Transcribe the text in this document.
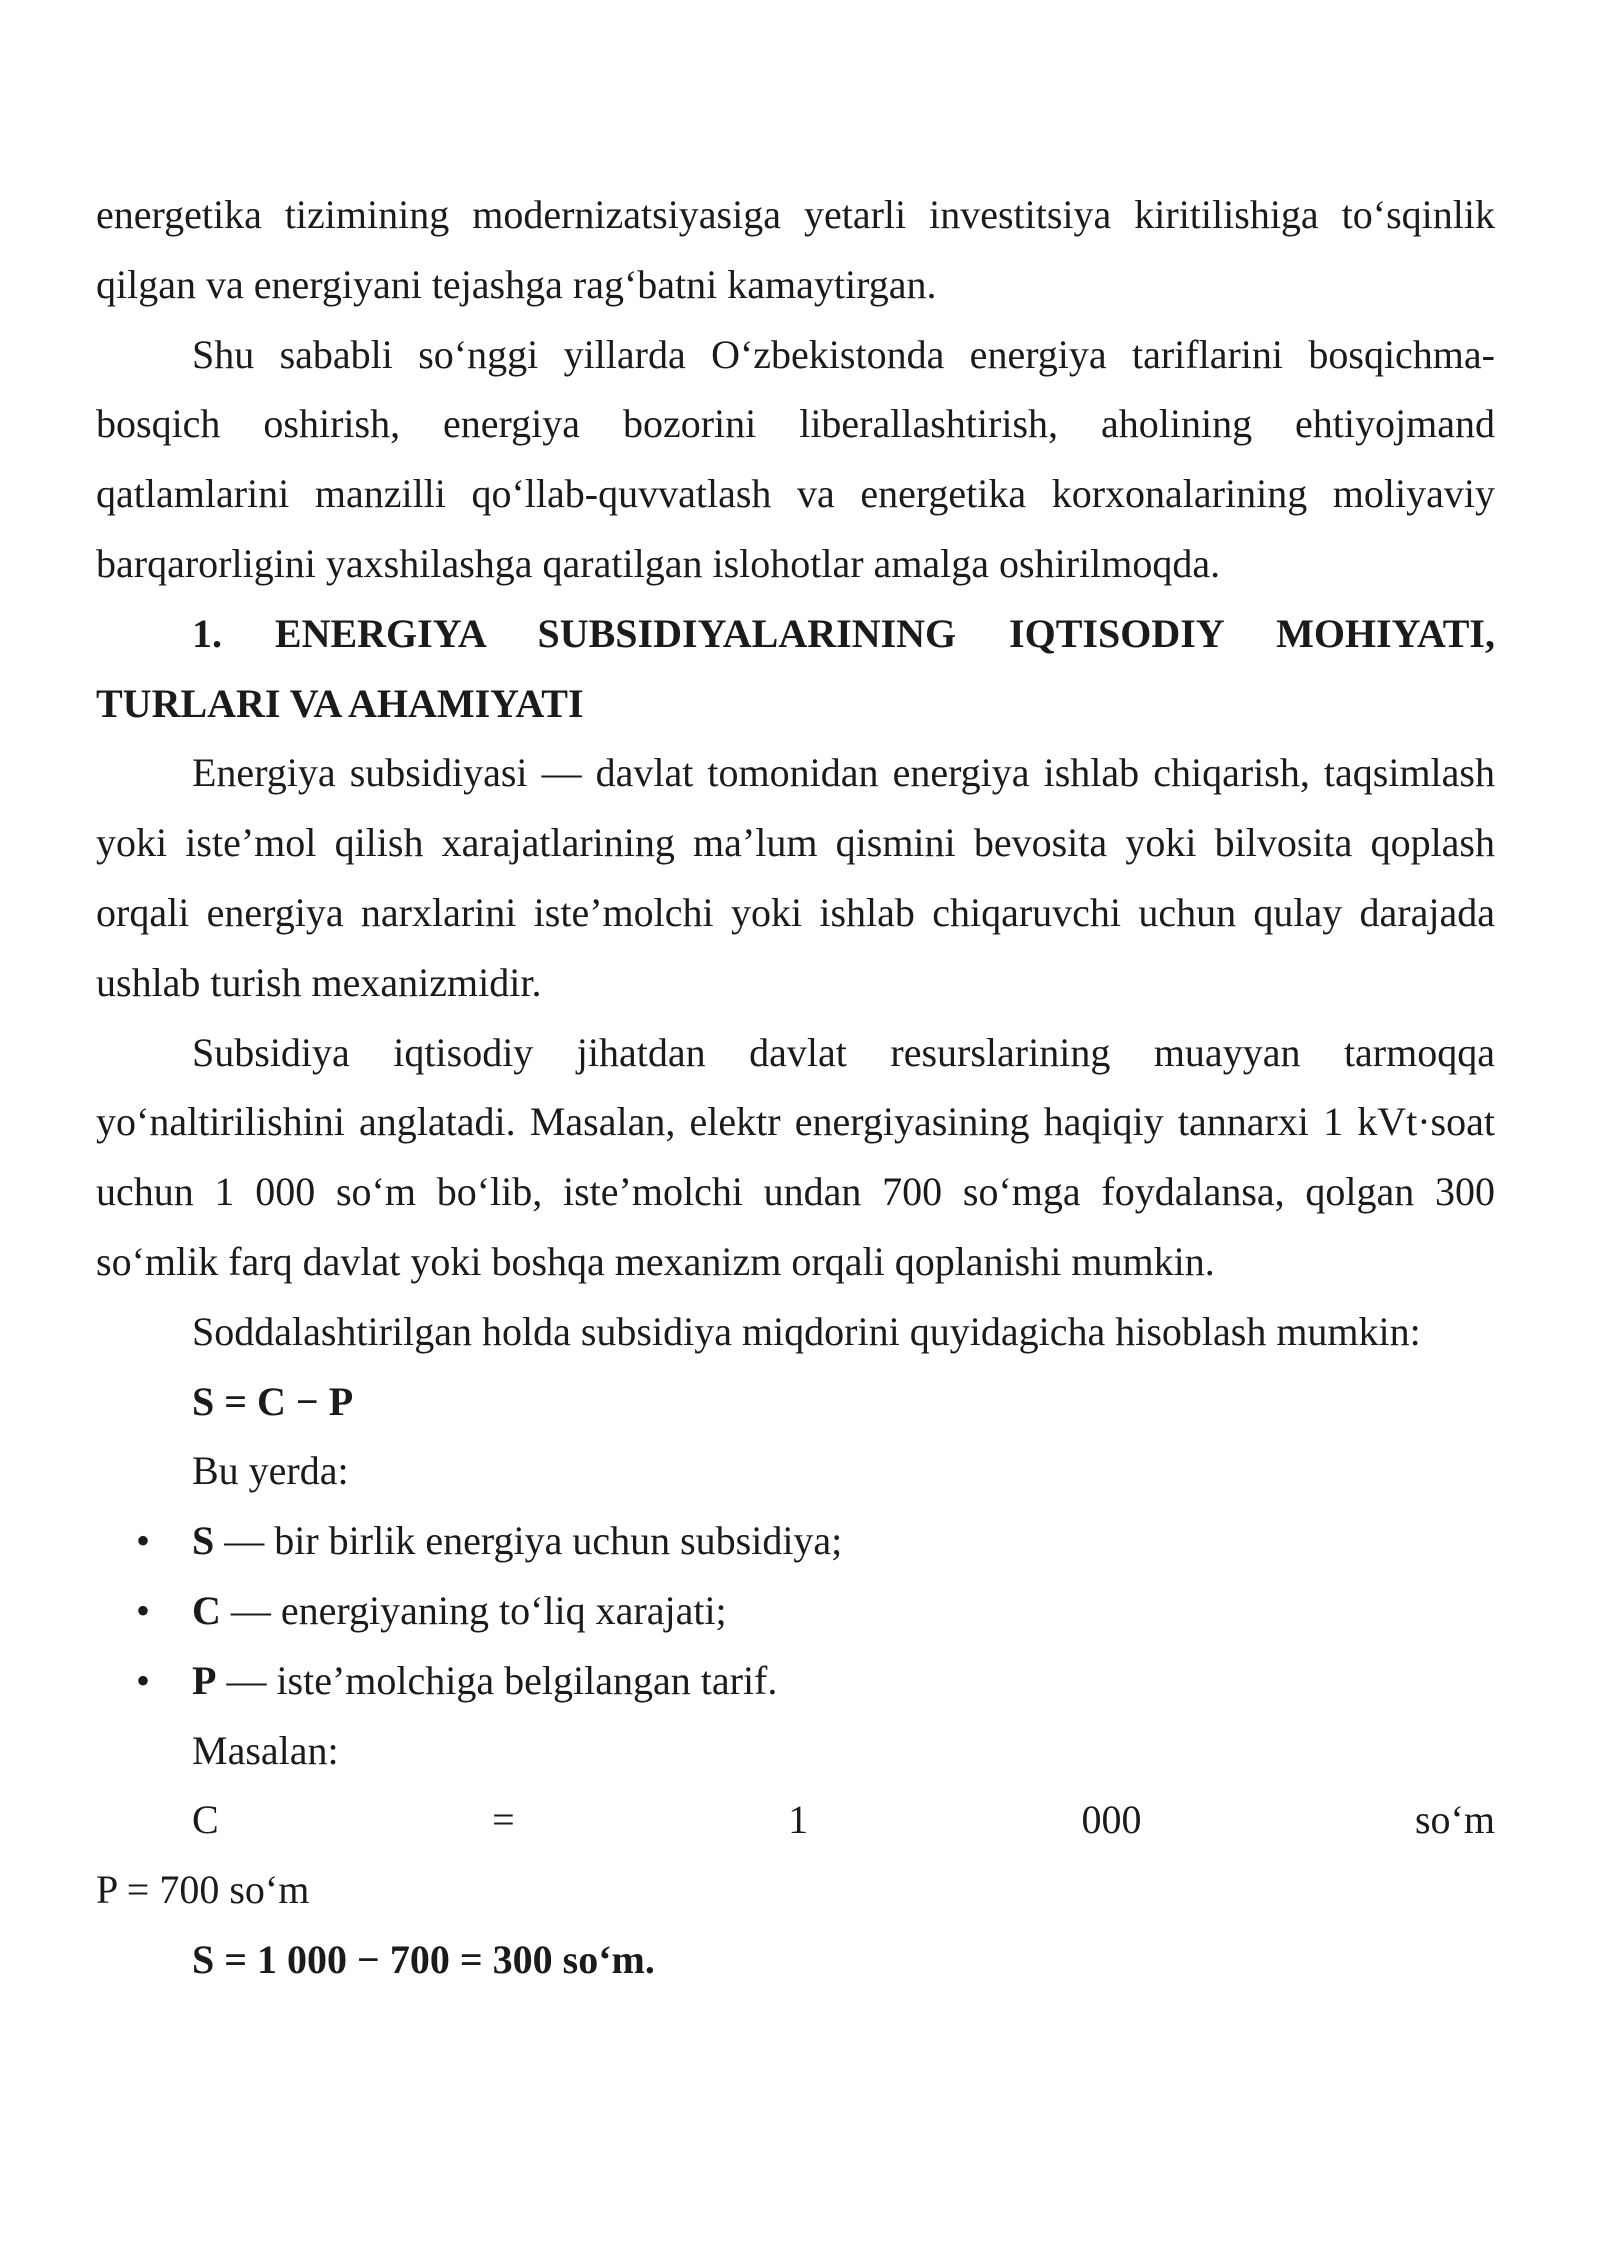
energetika tizimining modernizatsiyasiga yetarli investitsiya kiritilishiga to‘sqinlik
qilgan va energiyani tejashga rag‘batni kamaytirgan.
Shu sababli so‘nggi yillarda O‘zbekistonda energiya tariflarini bosqichma-
bosqich oshirish, energiya bozorini liberallashtirish, aholining ehtiyojmand
qatlamlarini manzilli qo‘llab-quvvatlash va energetika korxonalarining moliyaviy
barqarorligini yaxshilashga qaratilgan islohotlar amalga oshirilmoqda.
1. ENERGIYA SUBSIDIYALARINING IQTISODIY MOHIYATI,
TURLARI VA AHAMIYATI
Energiya subsidiyasi — davlat tomonidan energiya ishlab chiqarish, taqsimlash
yoki iste’mol qilish xarajatlarining ma’lum qismini bevosita yoki bilvosita qoplash
orqali energiya narxlarini iste’molchi yoki ishlab chiqaruvchi uchun qulay darajada
ushlab turish mexanizmidir.
Subsidiya iqtisodiy jihatdan davlat resurslarining muayyan tarmoqqa
yo‘naltirilishini anglatadi. Masalan, elektr energiyasining haqiqiy tannarxi 1 kVt·soat
uchun 1 000 so‘m bo‘lib, iste’molchi undan 700 so‘mga foydalansa, qolgan 300
so‘mlik farq davlat yoki boshqa mexanizm orqali qoplanishi mumkin.
Soddalashtirilgan holda subsidiya miqdorini quyidagicha hisoblash mumkin:
S = C − P
Bu yerda:
• S — bir birlik energiya uchun subsidiya;
• C — energiyaning to‘liq xarajati;
• P — iste’molchiga belgilangan tarif.
Masalan:
C = 1 000 so‘m
P = 700 so‘m
S = 1 000 − 700 = 300 so‘m.
